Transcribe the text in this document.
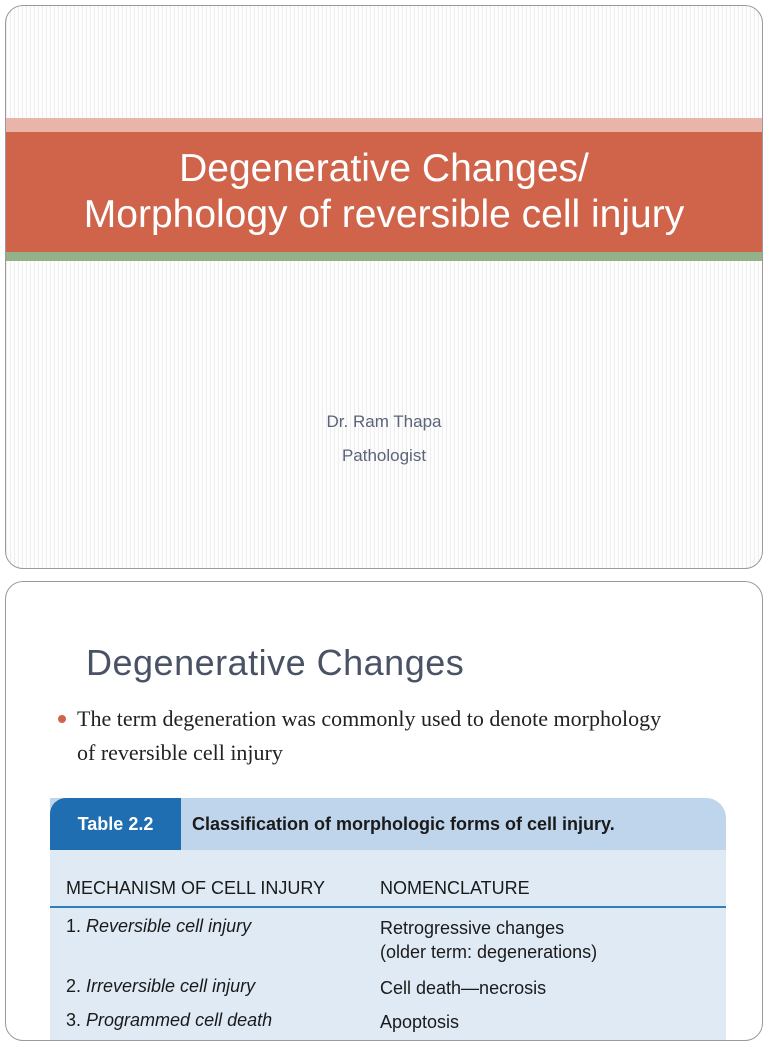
Degenerative Changes/
Morphology of reversible cell injury
Dr. Ram Thapa
Pathologist
Degenerative Changes
The term degeneration was commonly used to denote morphology of reversible cell injury
Table 2.2	Classification of morphologic forms of cell injury.
MECHANISM OF CELL INJURY	NOMENCLATURE
1. Reversible cell injury	Retrogressive changes
(older term: degenerations)
2. Irreversible cell injury	Cell death—necrosis
3. Programmed cell death	Apoptosis
